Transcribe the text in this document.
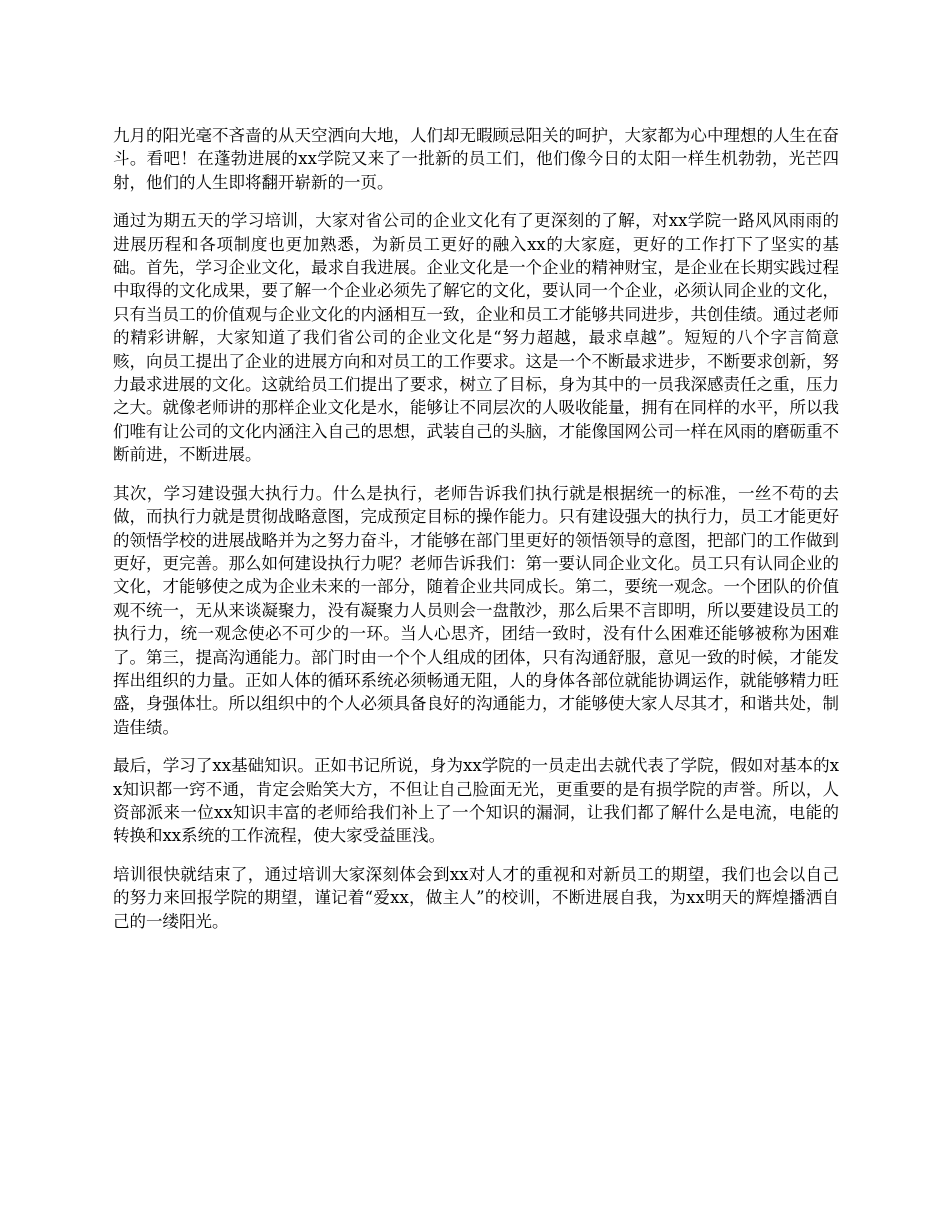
九月的阳光毫不吝啬的从天空洒向大地，人们却无暇顾忌阳关的呵护，大家都为心中理想的人生在奋斗。看吧！在蓬勃进展的xx学院又来了一批新的员工们，他们像今日的太阳一样生机勃勃，光芒四射，他们的人生即将翻开崭新的一页。

通过为期五天的学习培训，大家对省公司的企业文化有了更深刻的了解，对xx学院一路风风雨雨的进展历程和各项制度也更加熟悉，为新员工更好的融入xx的大家庭，更好的工作打下了坚实的基础。首先，学习企业文化，最求自我进展。企业文化是一个企业的精神财宝，是企业在长期实践过程中取得的文化成果，要了解一个企业必须先了解它的文化，要认同一个企业，必须认同企业的文化，只有当员工的价值观与企业文化的内涵相互一致，企业和员工才能够共同进步，共创佳绩。通过老师的精彩讲解，大家知道了我们省公司的企业文化是“努力超越，最求卓越”。短短的八个字言简意赅，向员工提出了企业的进展方向和对员工的工作要求。这是一个不断最求进步，不断要求创新，努力最求进展的文化。这就给员工们提出了要求，树立了目标，身为其中的一员我深感责任之重，压力之大。就像老师讲的那样企业文化是水，能够让不同层次的人吸收能量，拥有在同样的水平，所以我们唯有让公司的文化内涵注入自己的思想，武装自己的头脑，才能像国网公司一样在风雨的磨砺重不断前进，不断进展。

其次，学习建设强大执行力。什么是执行，老师告诉我们执行就是根据统一的标准，一丝不苟的去做，而执行力就是贯彻战略意图，完成预定目标的操作能力。只有建设强大的执行力，员工才能更好的领悟学校的进展战略并为之努力奋斗，才能够在部门里更好的领悟领导的意图，把部门的工作做到更好，更完善。那么如何建设执行力呢？老师告诉我们：第一要认同企业文化。员工只有认同企业的文化，才能够使之成为企业未来的一部分，随着企业共同成长。第二，要统一观念。一个团队的价值观不统一，无从来谈凝聚力，没有凝聚力人员则会一盘散沙，那么后果不言即明，所以要建设员工的执行力，统一观念使必不可少的一环。当人心思齐，团结一致时，没有什么困难还能够被称为困难了。第三，提高沟通能力。部门时由一个个人组成的团体，只有沟通舒服，意见一致的时候，才能发挥出组织的力量。正如人体的循环系统必须畅通无阻，人的身体各部位就能协调运作，就能够精力旺盛，身强体壮。所以组织中的个人必须具备良好的沟通能力，才能够使大家人尽其才，和谐共处，制造佳绩。

最后，学习了xx基础知识。正如书记所说，身为xx学院的一员走出去就代表了学院，假如对基本的xx知识都一窍不通，肯定会贻笑大方，不但让自己脸面无光，更重要的是有损学院的声誉。所以，人资部派来一位xx知识丰富的老师给我们补上了一个知识的漏洞，让我们都了解什么是电流，电能的转换和xx系统的工作流程，使大家受益匪浅。

培训很快就结束了，通过培训大家深刻体会到xx对人才的重视和对新员工的期望，我们也会以自己的努力来回报学院的期望，谨记着“爱xx，做主人”的校训，不断进展自我，为xx明天的辉煌播洒自己的一缕阳光。
